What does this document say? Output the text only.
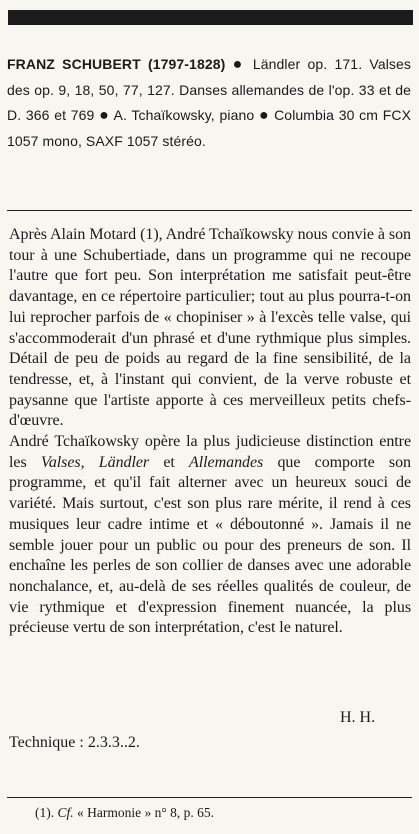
FRANZ SCHUBERT (1797-1828) ● Ländler op. 171. Valses des op. 9, 18, 50, 77, 127. Danses allemandes de l'op. 33 et de D. 366 et 769 ● A. Tchaïkowsky, piano ● Columbia 30 cm FCX 1057 mono, SAXF 1057 stéréo.

Après Alain Motard (1), André Tchaïkowsky nous convie à son tour à une Schubertiade, dans un programme qui ne recoupe l'autre que fort peu. Son interprétation me satisfait peut-être davantage, en ce répertoire particulier; tout au plus pourra-t-on lui reprocher parfois de « chopiniser » à l'excès telle valse, qui s'accommoderait d'un phrasé et d'une rythmique plus simples. Détail de peu de poids au regard de la fine sensibilité, de la tendresse, et, à l'instant qui convient, de la verve robuste et paysanne que l'artiste apporte à ces merveilleux petits chefs-d'œuvre.

André Tchaïkowsky opère la plus judicieuse distinction entre les Valses, Ländler et Allemandes que comporte son programme, et qu'il fait alterner avec un heureux souci de variété. Mais surtout, c'est son plus rare mérite, il rend à ces musiques leur cadre intime et « déboutonné ». Jamais il ne semble jouer pour un public ou pour des preneurs de son. Il enchaîne les perles de son collier de danses avec une adorable nonchalance, et, au-delà de ses réelles qualités de couleur, de vie rythmique et d'expression finement nuancée, la plus précieuse vertu de son interprétation, c'est le naturel.

H. H.
Technique : 2.3.3..2.
(1). Cf. « Harmonie » n° 8, p. 65.
